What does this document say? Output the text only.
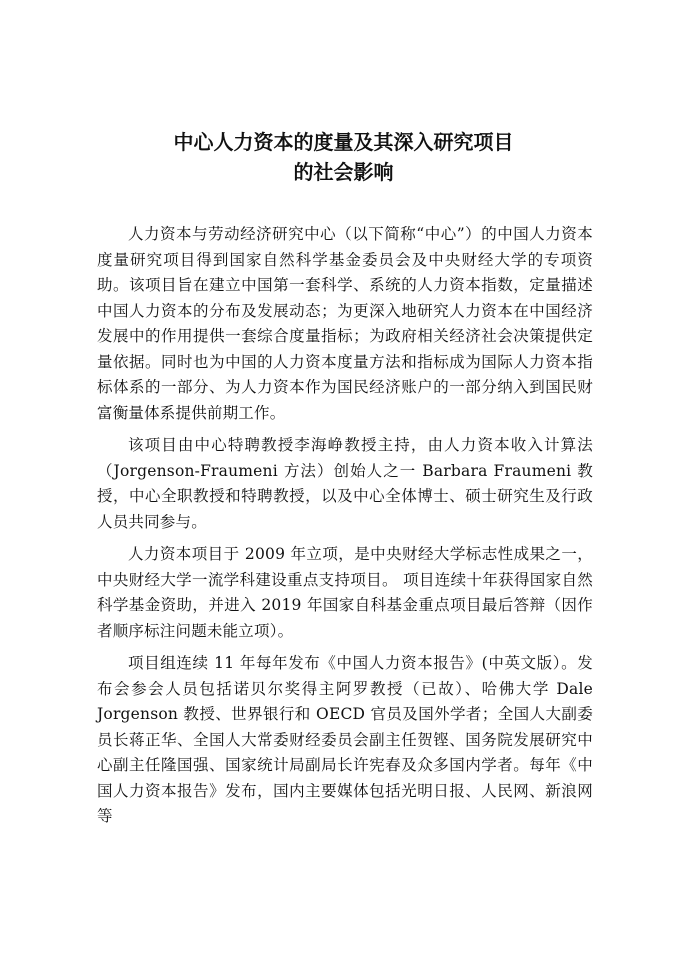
中心人力资本的度量及其深入研究项目
的社会影响

人力资本与劳动经济研究中心（以下简称“中心”）的中国人力资本度量研究项目得到国家自然科学基金委员会及中央财经大学的专项资助。该项目旨在建立中国第一套科学、系统的人力资本指数，定量描述中国人力资本的分布及发展动态；为更深入地研究人力资本在中国经济发展中的作用提供一套综合度量指标；为政府相关经济社会决策提供定量依据。同时也为中国的人力资本度量方法和指标成为国际人力资本指标体系的一部分、为人力资本作为国民经济账户的一部分纳入到国民财富衡量体系提供前期工作。

该项目由中心特聘教授李海峥教授主持，由人力资本收入计算法（Jorgenson-Fraumeni 方法）创始人之一 Barbara Fraumeni 教授，中心全职教授和特聘教授，以及中心全体博士、硕士研究生及行政人员共同参与。

人力资本项目于 2009 年立项，是中央财经大学标志性成果之一，中央财经大学一流学科建设重点支持项目。 项目连续十年获得国家自然科学基金资助，并进入 2019 年国家自科基金重点项目最后答辩（因作者顺序标注问题未能立项）。

项目组连续 11 年每年发布《中国人力资本报告》(中英文版）。发布会参会人员包括诺贝尔奖得主阿罗教授（已故）、哈佛大学 Dale Jorgenson 教授、世界银行和 OECD 官员及国外学者；全国人大副委员长蒋正华、全国人大常委财经委员会副主任贺铿、国务院发展研究中心副主任隆国强、国家统计局副局长许宪春及众多国内学者。每年《中国人力资本报告》发布，国内主要媒体包括光明日报、人民网、新浪网等
